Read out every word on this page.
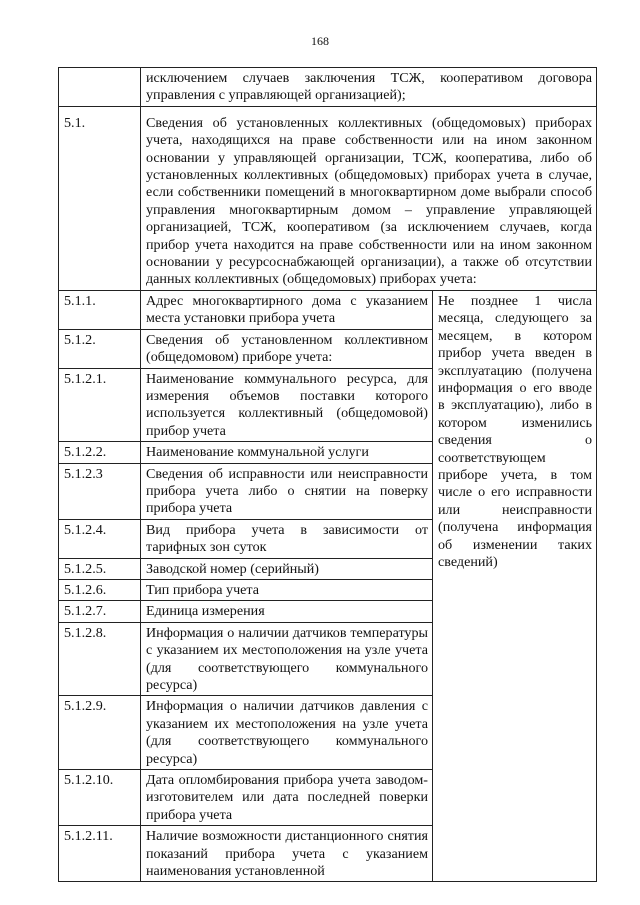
168
	исключением случаев заключения ТСЖ, кооперативом договора управления с управляющей организацией);	
5.1.	Сведения об установленных коллективных (общедомовых) приборах учета, находящихся на праве собственности или на ином законном основании у управляющей организации, ТСЖ, кооператива, либо об установленных коллективных (общедомовых) приборах учета в случае, если собственники помещений в многоквартирном доме выбрали способ управления многоквартирным домом – управление управляющей организацией, ТСЖ, кооперативом (за исключением случаев, когда прибор учета находится на праве собственности или на ином законном основании у ресурсоснабжающей организации), а также об отсутствии данных коллективных (общедомовых) приборах учета:	
5.1.1.	Адрес многоквартирного дома с указанием места установки прибора учета	Не позднее 1 числа месяца, следующего за месяцем, в котором прибор учета введен в эксплуатацию (получена информация о его вводе в эксплуатацию), либо в котором изменились сведения о соответствующем приборе учета, в том числе о его исправности или неисправности (получена информация об изменении таких сведений)
5.1.2.	Сведения об установленном коллективном (общедомовом) приборе учета:	
5.1.2.1.	Наименование коммунального ресурса, для измерения объемов поставки которого используется коллективный (общедомовой) прибор учета	
5.1.2.2.	Наименование коммунальной услуги	
5.1.2.3	Сведения об исправности или неисправности прибора учета либо о снятии на поверку прибора учета	
5.1.2.4.	Вид прибора учета в зависимости от тарифных зон суток	
5.1.2.5.	Заводской номер (серийный)	
5.1.2.6.	Тип прибора учета	
5.1.2.7.	Единица измерения	
5.1.2.8.	Информация о наличии датчиков температуры с указанием их местоположения на узле учета (для соответствующего коммунального ресурса)	
5.1.2.9.	Информация о наличии датчиков давления с указанием их местоположения на узле учета (для соответствующего коммунального ресурса)	
5.1.2.10.	Дата опломбирования прибора учета заводом-изготовителем или дата последней поверки прибора учета	
5.1.2.11.	Наличие возможности дистанционного снятия показаний прибора учета с указанием наименования установленной	
